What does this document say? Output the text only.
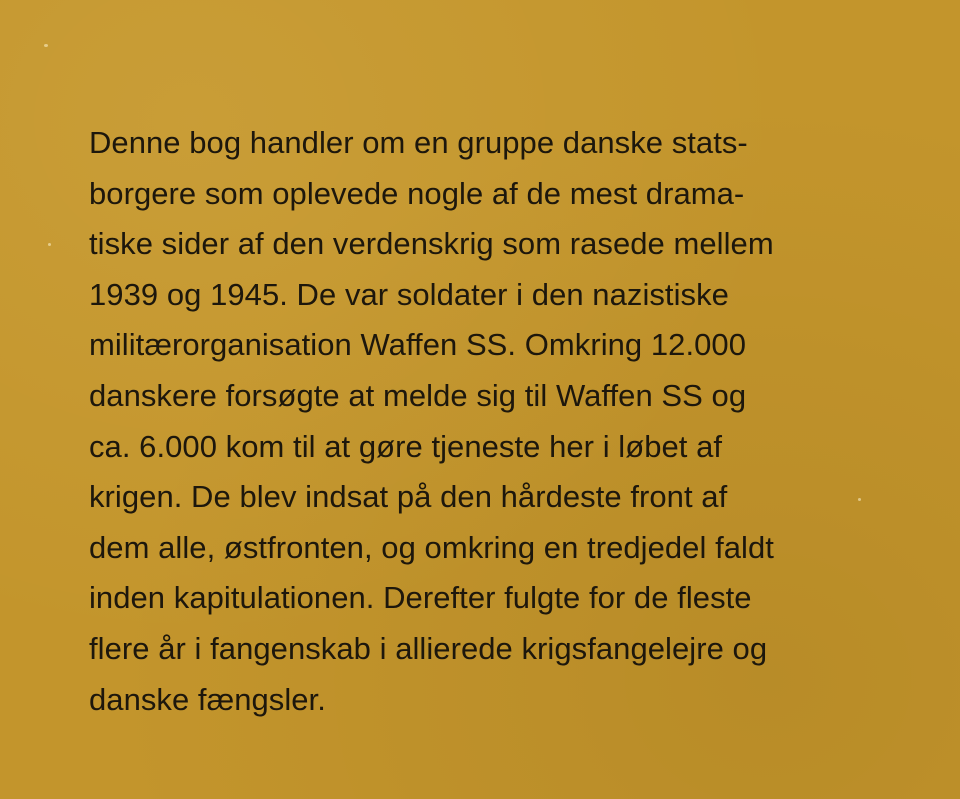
Denne bog handler om en gruppe danske stats-
borgere som oplevede nogle af de mest drama-
tiske sider af den verdenskrig som rasede mellem
1939 og 1945. De var soldater i den nazistiske
militærorganisation Waffen SS. Omkring 12.000
danskere forsøgte at melde sig til Waffen SS og
ca. 6.000 kom til at gøre tjeneste her i løbet af
krigen. De blev indsat på den hårdeste front af
dem alle, østfronten, og omkring en tredjedel faldt
inden kapitulationen. Derefter fulgte for de fleste
flere år i fangenskab i allierede krigsfangelejre og
danske fængsler.
